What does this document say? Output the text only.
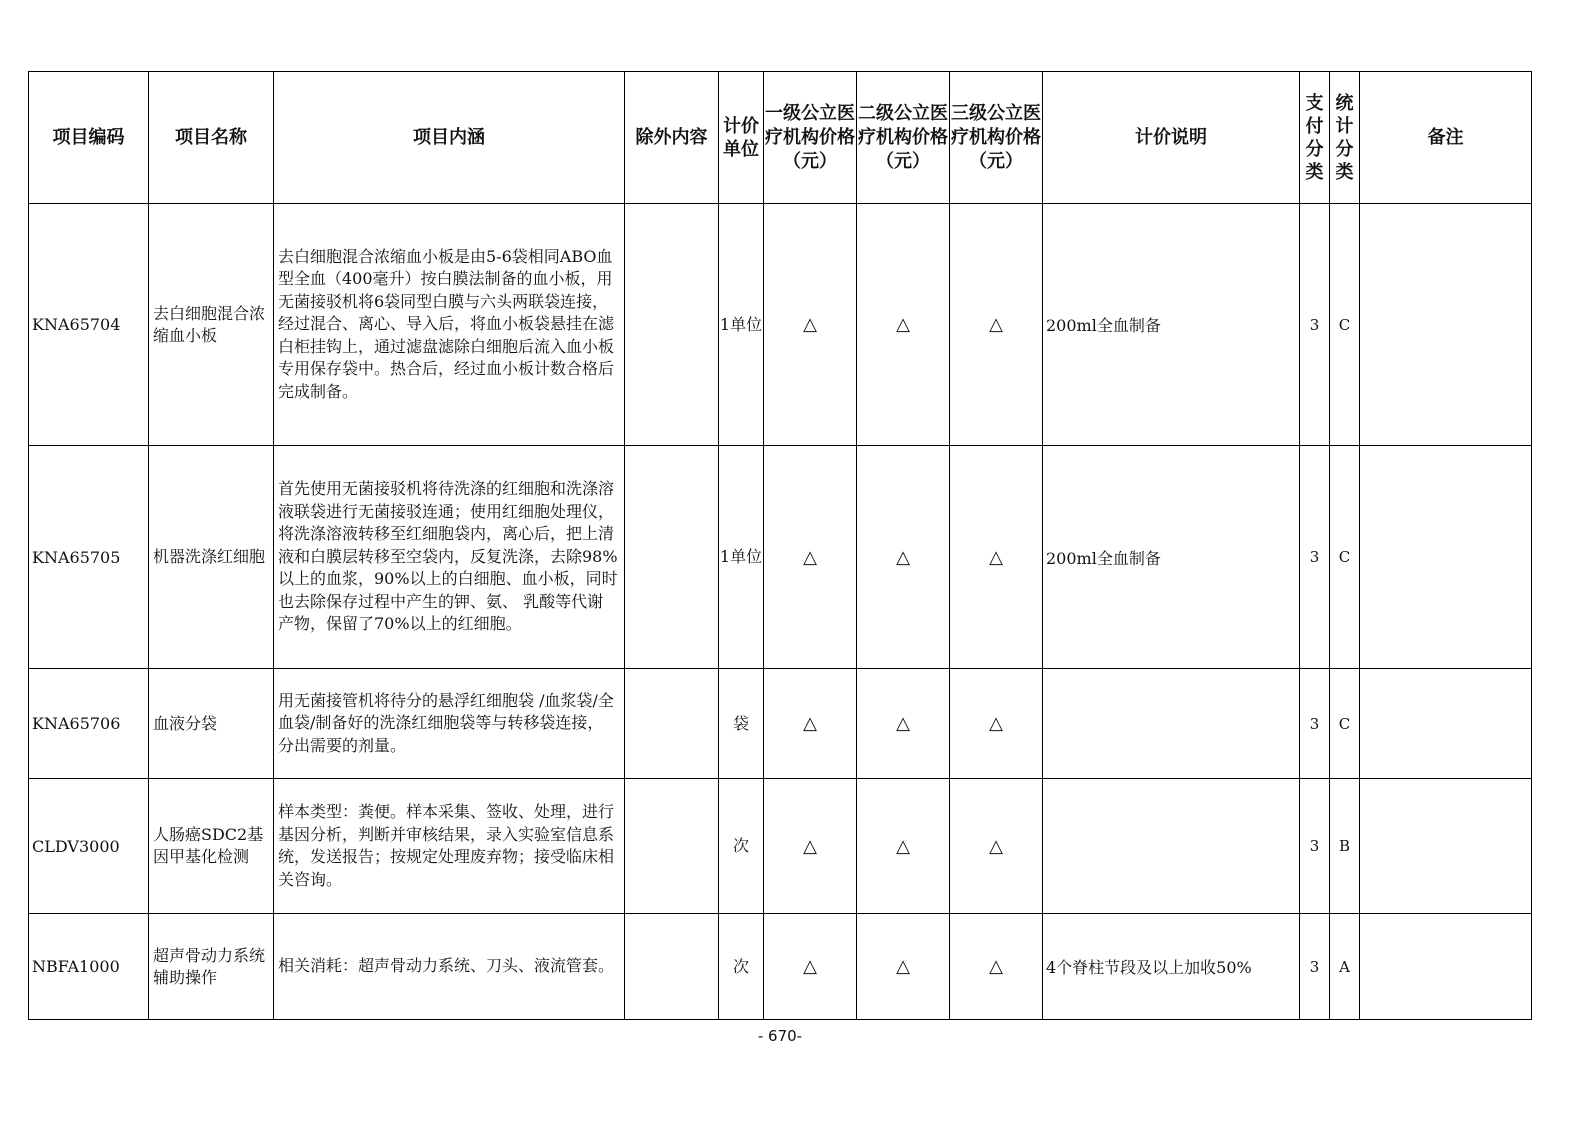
项目编码	项目名称	项目内涵	除外内容	计价单位	一级公立医疗机构价格（元）	二级公立医疗机构价格（元）	三级公立医疗机构价格（元）	计价说明	支付分类	统计分类	备注
KNA65704	去白细胞混合浓缩血小板	去白细胞混合浓缩血小板是由5-6袋相同ABO血型全血（400毫升）按白膜法制备的血小板，用无菌接驳机将6袋同型白膜与六头两联袋连接，经过混合、离心、导入后，将血小板袋悬挂在滤白柜挂钩上，通过滤盘滤除白细胞后流入血小板专用保存袋中。热合后，经过血小板计数合格后完成制备。		1单位	△	△	△	200ml全血制备	3	C	
KNA65705	机器洗涤红细胞	首先使用无菌接驳机将待洗涤的红细胞和洗涤溶液联袋进行无菌接驳连通；使用红细胞处理仪，将洗涤溶液转移至红细胞袋内，离心后，把上清液和白膜层转移至空袋内，反复洗涤，去除98%以上的血浆，90%以上的白细胞、血小板，同时也去除保存过程中产生的钾、氨、 乳酸等代谢产物，保留了70%以上的红细胞。		1单位	△	△	△	200ml全血制备	3	C	
KNA65706	血液分袋	用无菌接管机将待分的悬浮红细胞袋 /血浆袋/全血袋/制备好的洗涤红细胞袋等与转移袋连接，分出需要的剂量。		袋	△	△	△		3	C	
CLDV3000	人肠癌SDC2基因甲基化检测	样本类型：粪便。样本采集、签收、处理，进行基因分析，判断并审核结果，录入实验室信息系统，发送报告；按规定处理废弃物；接受临床相关咨询。		次	△	△	△		3	B	
NBFA1000	超声骨动力系统辅助操作	相关消耗：超声骨动力系统、刀头、液流管套。		次	△	△	△	4个脊柱节段及以上加收50%	3	A	
- 670-
